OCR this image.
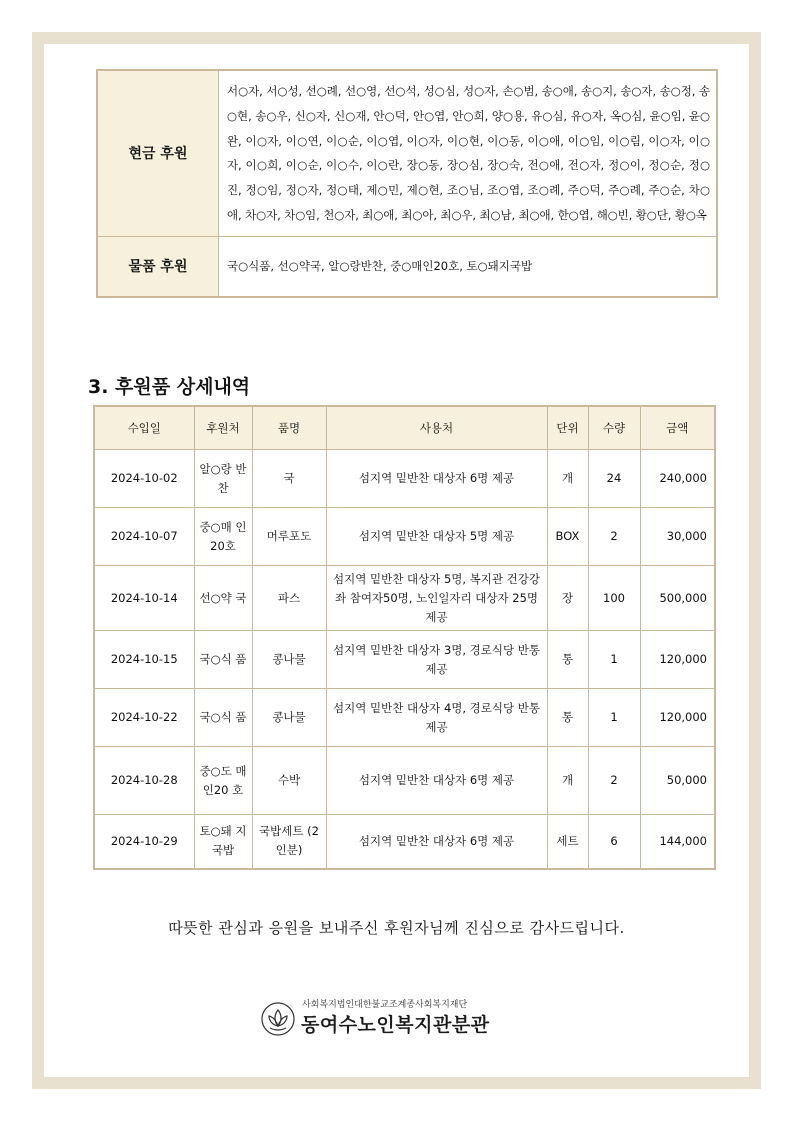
현금 후원	서○자, 서○성, 선○례, 선○영, 선○석, 성○심, 성○자, 손○범, 송○애, 송○지, 송○자, 송○정, 송○현, 송○우, 신○자, 신○재, 안○덕, 안○엽, 안○희, 양○용, 유○심, 유○자, 옥○심, 윤○임, 윤○완, 이○자, 이○연, 이○순, 이○엽, 이○자, 이○현, 이○동, 이○애, 이○임, 이○림, 이○자, 이○자, 이○희, 이○순, 이○수, 이○란, 장○동, 장○심, 장○숙, 전○애, 전○자, 정○이, 정○순, 정○진, 정○임, 정○자, 정○태, 제○민, 제○현, 조○님, 조○엽, 조○례, 주○덕, 주○례, 주○순, 차○애, 차○자, 차○임, 천○자, 최○애, 최○아, 최○우, 최○남, 최○애, 한○엽, 해○빈, 황○단, 황○옥
물품 후원	국○식품, 선○약국, 알○랑반찬, 중○매인20호, 토○돼지국밥
3. 후원품 상세내역
수입일	후원처	품명	사용처	단위	수량	금액
2024-10-02	알○랑 반찬	국	섬지역 밑반찬 대상자 6명 제공	개	24	240,000
2024-10-07	중○매 인20호	머루포도	섬지역 밑반찬 대상자 5명 제공	BOX	2	30,000
2024-10-14	선○약 국	파스	섬지역 밑반찬 대상자 5명, 복지관 건강강좌 참여자50명, 노인일자리 대상자 25명 제공	장	100	500,000
2024-10-15	국○식 품	콩나물	섬지역 밑반찬 대상자 3명, 경로식당 반통 제공	통	1	120,000
2024-10-22	국○식 품	콩나물	섬지역 밑반찬 대상자 4명, 경로식당 반통 제공	통	1	120,000
2024-10-28	중○도 매인20 호	수박	섬지역 밑반찬 대상자 6명 제공	개	2	50,000
2024-10-29	토○돼 지국밥	국밥세트 (2인분)	섬지역 밑반찬 대상자 6명 제공	세트	6	144,000

따뜻한 관심과 응원을 보내주신 후원자님께 진심으로 감사드립니다.

사회복지법인대한불교조계종사회복지재단
동여수노인복지관분관
